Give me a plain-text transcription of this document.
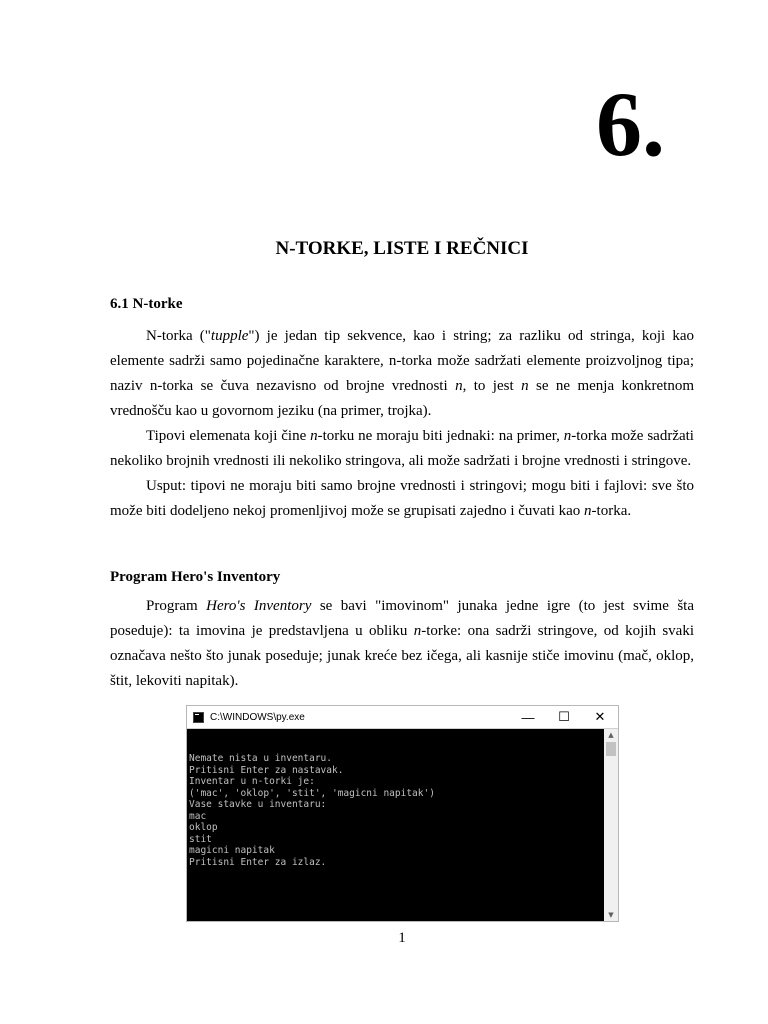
6.
N-TORKE, LISTE I REČNICI
6.1 N-torke

N-torka ("tupple") je jedan tip sekvence, kao i string; za razliku od stringa, koji kao elemente sadrži samo pojedinačne karaktere, n-torka može sadržati elemente proizvoljnog tipa; naziv n-torka se čuva nezavisno od brojne vrednosti n, to jest n se ne menja konkretnom vrednošču kao u govornom jeziku (na primer, trojka).

Tipovi elemenata koji čine n-torku ne moraju biti jednaki: na primer, n-torka može sadržati nekoliko brojnih vrednosti ili nekoliko stringova, ali može sadržati i brojne vrednosti i stringove.

Usput: tipovi ne moraju biti samo brojne vrednosti i stringovi; mogu biti i fajlovi: sve što može biti dodeljeno nekoj promenljivoj može se grupisati zajedno i čuvati kao n-torka.

Program Hero's Inventory

Program Hero's Inventory se bavi "imovinom" junaka jedne igre (to jest svime šta poseduje): ta imovina je predstavljena u obliku n-torke: ona sadrži stringove, od kojih svaki označava nešto što junak poseduje; junak kreće bez ičega, ali kasnije stiče imovinu (mač, oklop, štit, lekoviti napitak).

C:\WINDOWS\py.exe	—	☐	✕

Nemate nista u inventaru.
Pritisni Enter za nastavak.
Inventar u n-torki je:
('mac', 'oklop', 'stit', 'magicni napitak')
Vase stavke u inventaru:
mac
oklop
stit
magicni napitak
Pritisni Enter za izlaz.

▲
▼
1
